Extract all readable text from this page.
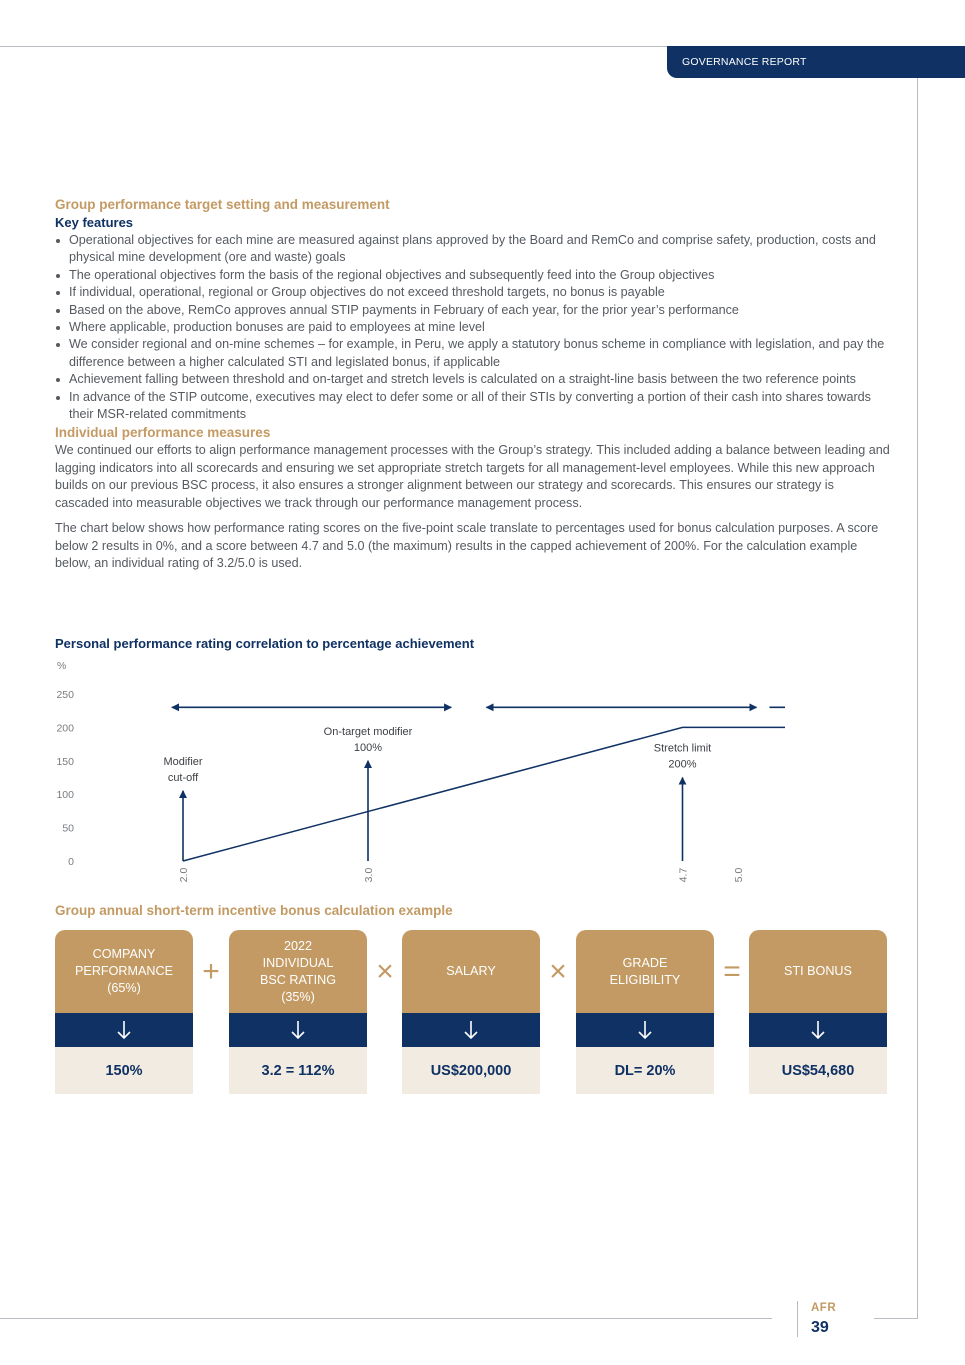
GOVERNANCE REPORT
Group performance target setting and measurement
Key features
Operational objectives for each mine are measured against plans approved by the Board and RemCo and comprise safety, production, costs and physical mine development (ore and waste) goals
The operational objectives form the basis of the regional objectives and subsequently feed into the Group objectives
If individual, operational, regional or Group objectives do not exceed threshold targets, no bonus is payable
Based on the above, RemCo approves annual STIP payments in February of each year, for the prior year’s performance
Where applicable, production bonuses are paid to employees at mine level
We consider regional and on-mine schemes – for example, in Peru, we apply a statutory bonus scheme in compliance with legislation, and pay the difference between a higher calculated STI and legislated bonus, if applicable
Achievement falling between threshold and on-target and stretch levels is calculated on a straight-line basis between the two reference points
In advance of the STIP outcome, executives may elect to defer some or all of their STIs by converting a portion of their cash into shares towards their MSR-related commitments
Individual performance measures

We continued our efforts to align performance management processes with the Group’s strategy. This included adding a balance between leading and lagging indicators into all scorecards and ensuring we set appropriate stretch targets for all management-level employees. While this new approach builds on our previous BSC process, it also ensures a stronger alignment between our strategy and scorecards. This ensures our strategy is cascaded into measurable objectives we track through our performance management process.

The chart below shows how performance rating scores on the five-point scale translate to percentages used for bonus calculation purposes. A score below 2 results in 0%, and a score between 4.7 and 5.0 (the maximum) results in the capped achievement of 200%. For the calculation example below, an individual rating of 3.2/5.0 is used.

Personal performance rating correlation to percentage achievement
%
0
50
100
150
200
250
2.0	3.0	4.7	5.0
Modifier
cut-off
On-target modifier
100%	Stretch limit
200%
Group annual short-term incentive bonus calculation example
COMPANY
PERFORMANCE
(65%)
150%
+
2022
INDIVIDUAL
BSC RATING
(35%)
3.2 = 112%
×	SALARY
US$200,000
×	GRADE
ELIGIBILITY
DL= 20%
=	STI BONUS
US$54,680
AFR
39
